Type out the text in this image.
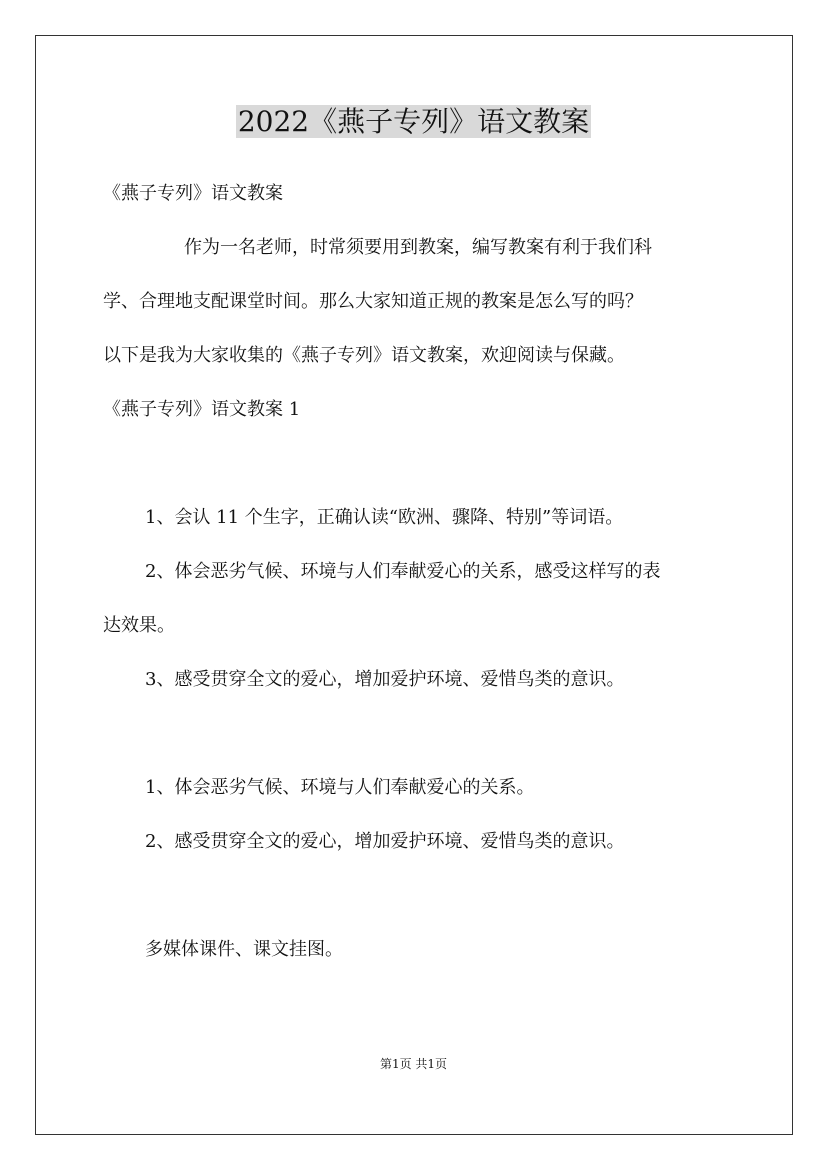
2022《燕子专列》语文教案
《燕子专列》语文教案
作为一名老师，时常须要用到教案，编写教案有利于我们科
学、合理地支配课堂时间。那么大家知道正规的教案是怎么写的吗？
以下是我为大家收集的《燕子专列》语文教案，欢迎阅读与保藏。
《燕子专列》语文教案 1
1、会认 11 个生字，正确认读“欧洲、骤降、特别”等词语。
2、体会恶劣气候、环境与人们奉献爱心的关系，感受这样写的表
达效果。
3、感受贯穿全文的爱心，增加爱护环境、爱惜鸟类的意识。
1、体会恶劣气候、环境与人们奉献爱心的关系。
2、感受贯穿全文的爱心，增加爱护环境、爱惜鸟类的意识。
多媒体课件、课文挂图。
第1页 共1页
